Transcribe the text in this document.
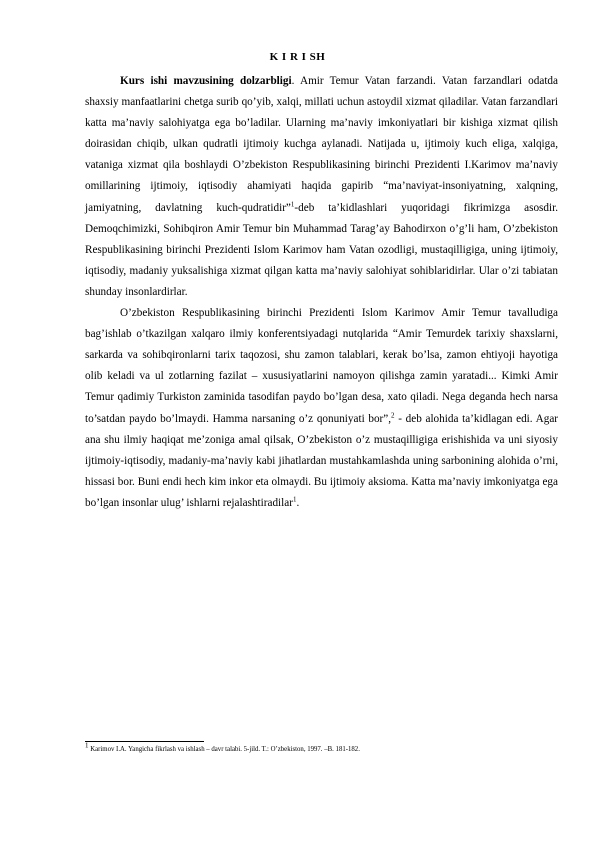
K I R I SH

Kurs ishi mavzusining dolzarbligi. Amir Temur Vatan farzandi. Vatan farzandlari odatda shaxsiy manfaatlarini chetga surib qo’yib, xalqi, millati uchun astoydil xizmat qiladilar. Vatan farzandlari katta ma’naviy salohiyatga ega bo’ladilar. Ularning ma’naviy imkoniyatlari bir kishiga xizmat qilish doirasidan chiqib, ulkan qudratli ijtimoiy kuchga aylanadi. Natijada u, ijtimoiy kuch eliga, xalqiga, vataniga xizmat qila boshlaydi O’zbekiston Respublikasining birinchi Prezidenti I.Karimov ma’naviy omillarining ijtimoiy, iqtisodiy ahamiyati haqida gapirib “ma’naviyat-insoniyatning, xalqning, jamiyatning, davlatning kuch-qudratidir”$^1$-deb ta’kidlashlari yuqoridagi fikrimizga asosdir. Demoqchimizki, Sohibqiron Amir Temur bin Muhammad Tarag’ay Bahodirxon o’g’li ham, O’zbekiston Respublikasining birinchi Prezidenti Islom Karimov ham Vatan ozodligi, mustaqilligiga, uning ijtimoiy, iqtisodiy, madaniy yuksalishiga xizmat qilgan katta ma’naviy salohiyat sohiblaridirlar. Ular o’zi tabiatan shunday insonlardirlar.

O’zbekiston Respublikasining birinchi Prezidenti Islom Karimov Amir Temur tavalludiga bag’ishlab o’tkazilgan xalqaro ilmiy konferentsiyadagi nutqlarida “Amir Temurdek tarixiy shaxslarni, sarkarda va sohibqironlarni tarix taqozosi, shu zamon talablari, kerak bo’lsa, zamon ehtiyoji hayotiga olib keladi va ul zotlarning fazilat – xususiyatlarini namoyon qilishga zamin yaratadi... Kimki Amir Temur qadimiy Turkiston zaminida tasodifan paydo bo’lgan desa, xato qiladi. Nega deganda hech narsa to’satdan paydo bo’lmaydi. Hamma narsaning o’z qonuniyati bor”,$^2$ - deb alohida ta’kidlagan edi. Agar ana shu ilmiy haqiqat me’zoniga amal qilsak, O’zbekiston o’z mustaqilligiga erishishida va uni siyosiy ijtimoiy-iqtisodiy, madaniy-ma’naviy kabi jihatlardan mustahkamlashda uning sarbonining alohida o’rni, hissasi bor. Buni endi hech kim inkor eta olmaydi. Bu ijtimoiy aksioma. Katta ma’naviy imkoniyatga ega bo’lgan insonlar ulug’ ishlarni rejalashtiradilar$^1$.

$^1$ Karimov I.A. Yangicha fikrlash va ishlash – davr talabi. 5-jild. T.: O’zbekiston, 1997. –B. 181-182.
